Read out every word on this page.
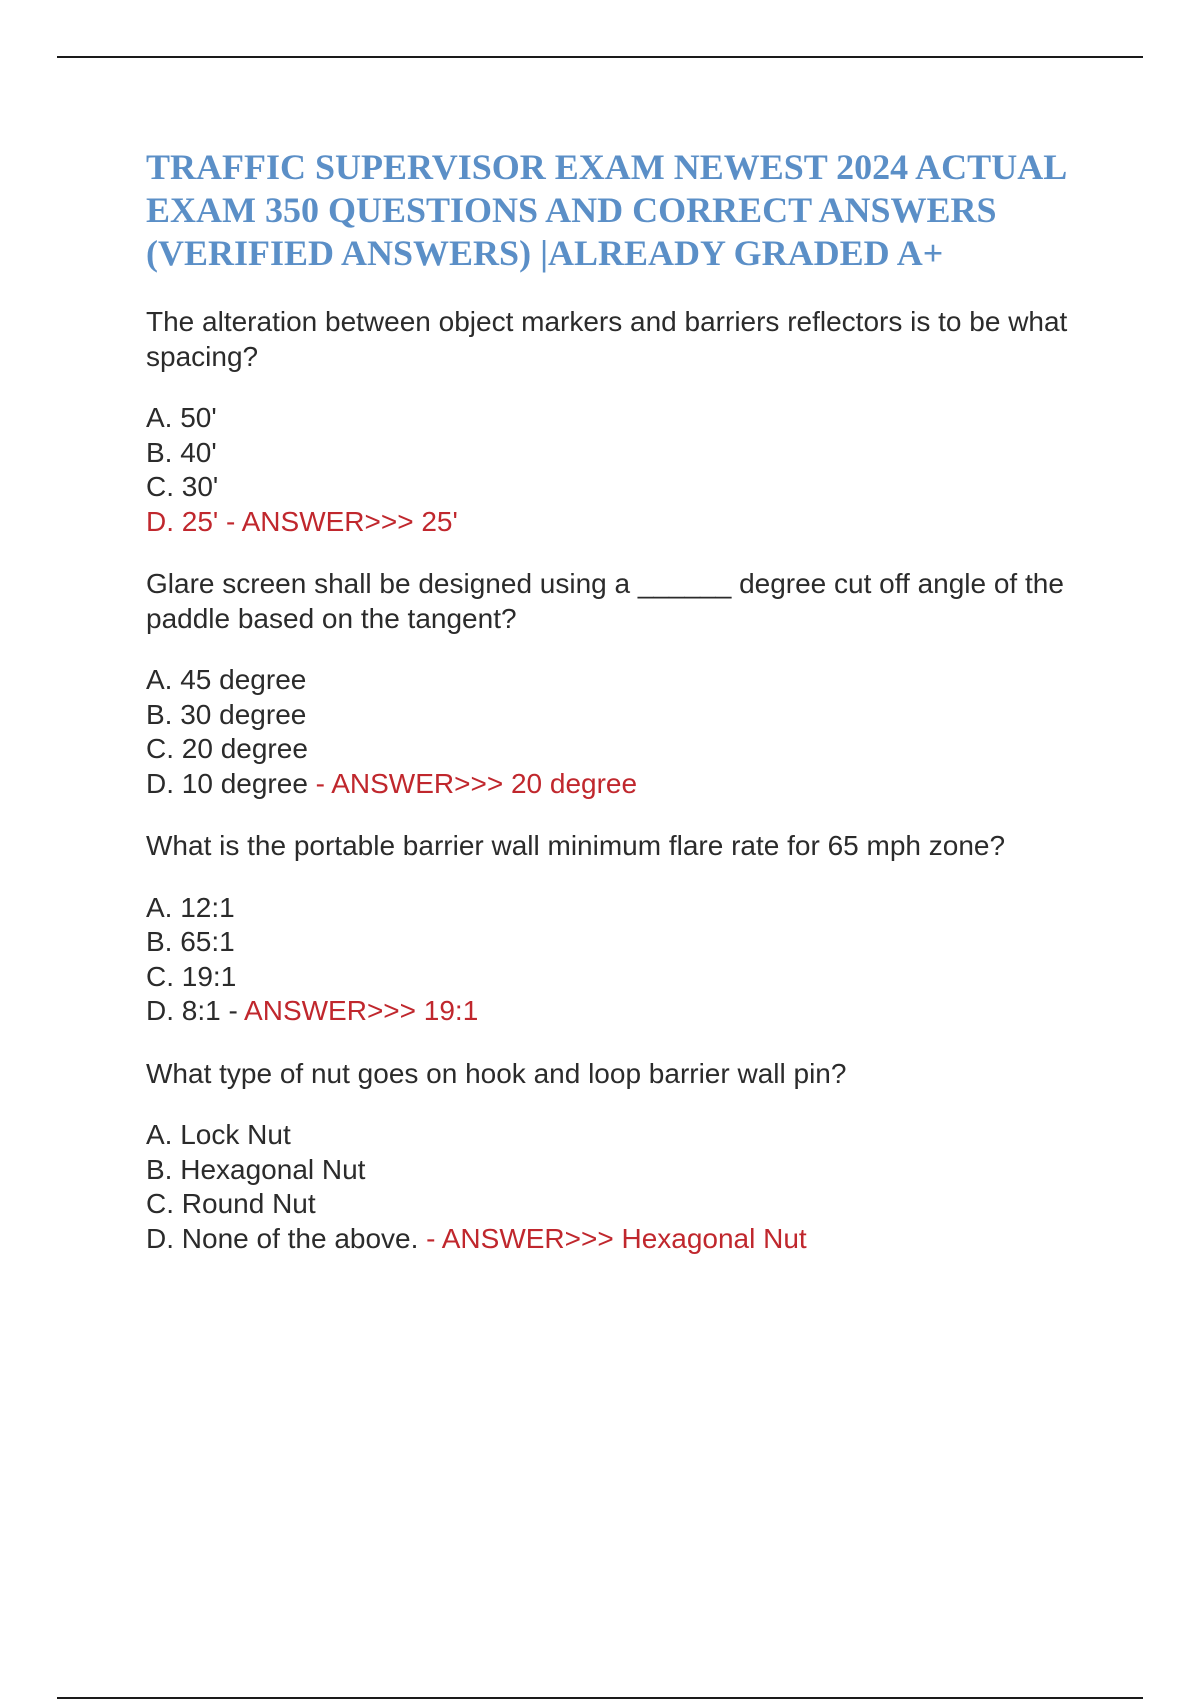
TRAFFIC SUPERVISOR EXAM NEWEST 2024 ACTUAL EXAM 350 QUESTIONS AND CORRECT ANSWERS (VERIFIED ANSWERS) |ALREADY GRADED A+

The alteration between object markers and barriers reflectors is to be what spacing?

A. 50'

B. 40'

C. 30'

D. 25' - ANSWER>>> 25'

Glare screen shall be designed using a ______ degree cut off angle of the paddle based on the tangent?

A. 45 degree

B. 30 degree

C. 20 degree

D. 10 degree - ANSWER>>> 20 degree

What is the portable barrier wall minimum flare rate for 65 mph zone?

A. 12:1

B. 65:1

C. 19:1

D. 8:1 - ANSWER>>> 19:1

What type of nut goes on hook and loop barrier wall pin?

A. Lock Nut

B. Hexagonal Nut

C. Round Nut

D. None of the above. - ANSWER>>> Hexagonal Nut
